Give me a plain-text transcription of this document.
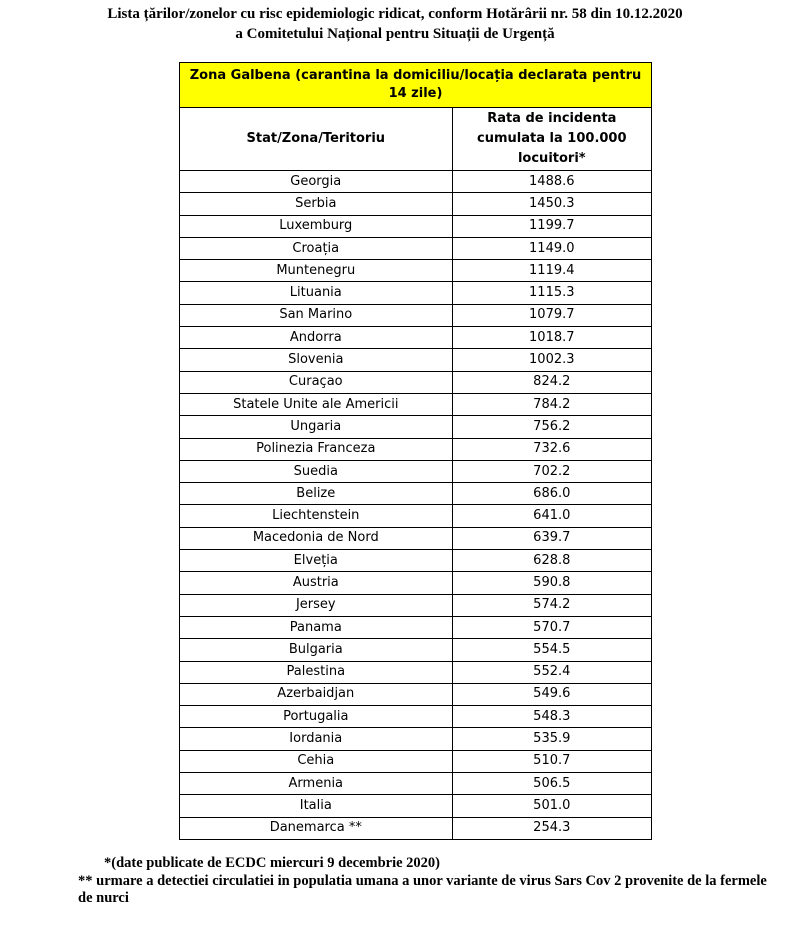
Lista țărilor/zonelor cu risc epidemiologic ridicat, conform Hotărârii nr. 58 din 10.12.2020
a Comitetului Național pentru Situații de Urgență
Zona Galbena (carantina la domiciliu/locația declarata pentru 14 zile)	
Stat/Zona/Teritoriu	Rata de incidenta cumulata la 100.000 locuitori*
Georgia	1488.6
Serbia	1450.3
Luxemburg	1199.7
Croația	1149.0
Muntenegru	1119.4
Lituania	1115.3
San Marino	1079.7
Andorra	1018.7
Slovenia	1002.3
Curaçao	824.2
Statele Unite ale Americii	784.2
Ungaria	756.2
Polinezia Franceza	732.6
Suedia	702.2
Belize	686.0
Liechtenstein	641.0
Macedonia de Nord	639.7
Elveția	628.8
Austria	590.8
Jersey	574.2
Panama	570.7
Bulgaria	554.5
Palestina	552.4
Azerbaidjan	549.6
Portugalia	548.3
Iordania	535.9
Cehia	510.7
Armenia	506.5
Italia	501.0
Danemarca **	254.3
*(date publicate de ECDC miercuri 9 decembrie 2020)
** urmare a detectiei circulatiei in populatia umana a unor variante de virus Sars Cov 2 provenite de la fermele de nurci
